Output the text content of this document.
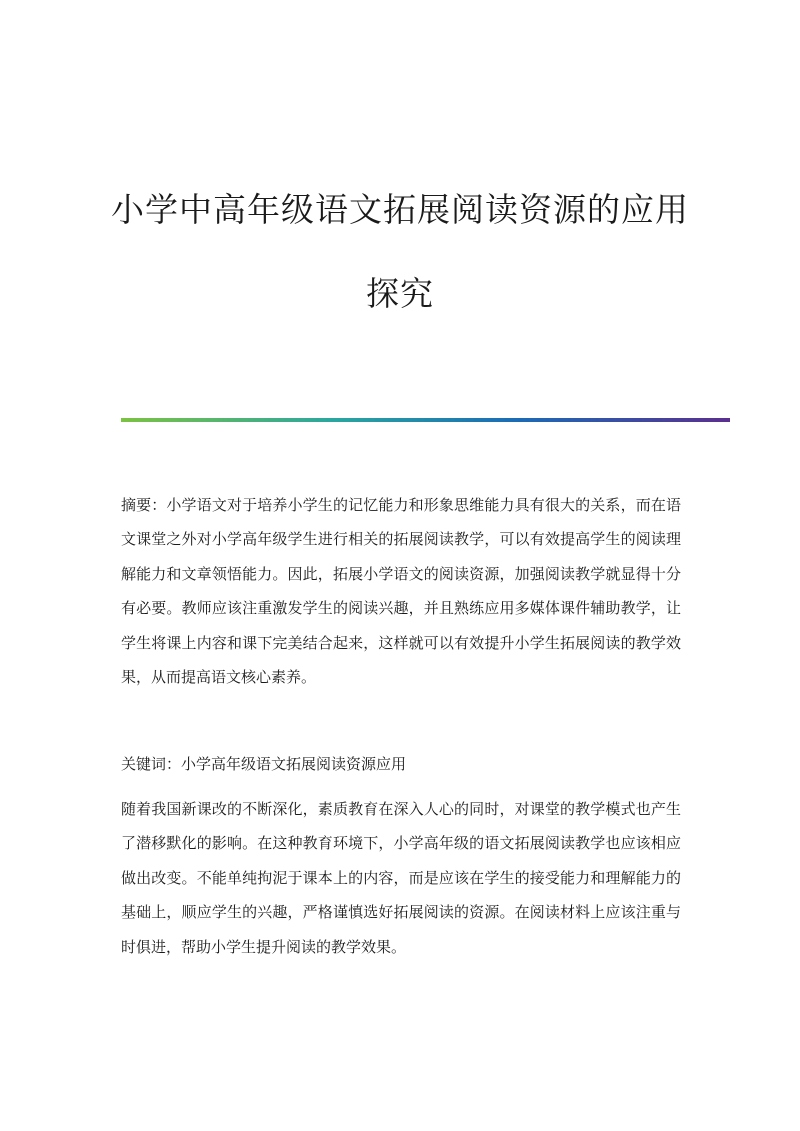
小学中高年级语文拓展阅读资源的应用
探究

摘要：小学语文对于培养小学生的记忆能力和形象思维能力具有很大的关系，而在语文课堂之外对小学高年级学生进行相关的拓展阅读教学，可以有效提高学生的阅读理解能力和文章领悟能力。因此，拓展小学语文的阅读资源，加强阅读教学就显得十分有必要。教师应该注重激发学生的阅读兴趣，并且熟练应用多媒体课件辅助教学，让学生将课上内容和课下完美结合起来，这样就可以有效提升小学生拓展阅读的教学效果，从而提高语文核心素养。

关键词：小学高年级语文拓展阅读资源应用

随着我国新课改的不断深化，素质教育在深入人心的同时，对课堂的教学模式也产生了潜移默化的影响。在这种教育环境下，小学高年级的语文拓展阅读教学也应该相应做出改变。不能单纯拘泥于课本上的内容，而是应该在学生的接受能力和理解能力的基础上，顺应学生的兴趣，严格谨慎选好拓展阅读的资源。在阅读材料上应该注重与时俱进，帮助小学生提升阅读的教学效果。
